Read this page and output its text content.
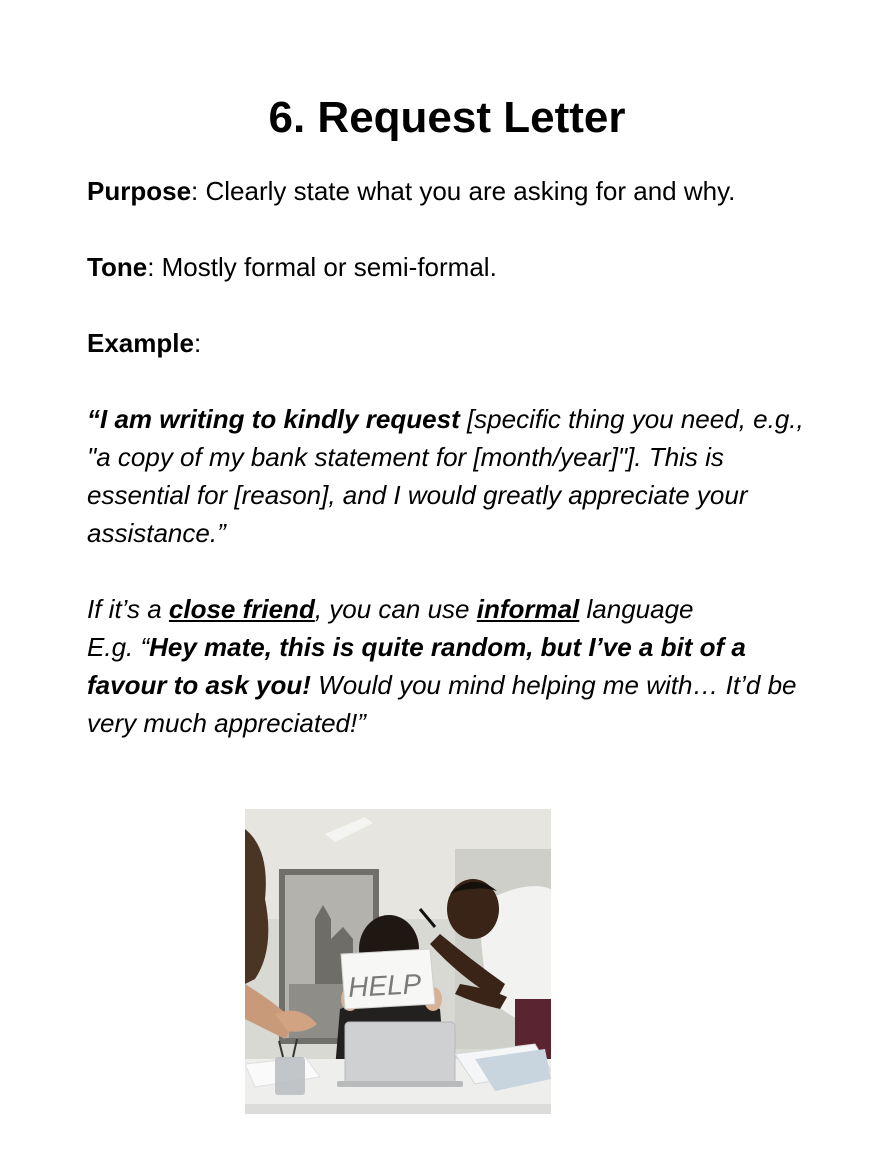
6. Request Letter

Purpose: Clearly state what you are asking for and why.

Tone: Mostly formal or semi-formal.

Example:

“I am writing to kindly request [specific thing you need, e.g., "a copy of my bank statement for [month/year]"]. This is essential for [reason], and I would greatly appreciate your assistance.”

If it’s a close friend, you can use informal language
E.g. “Hey mate, this is quite random, but I’ve a bit of a favour to ask you! Would you mind helping me with… It’d be very much appreciated!”

HELP
